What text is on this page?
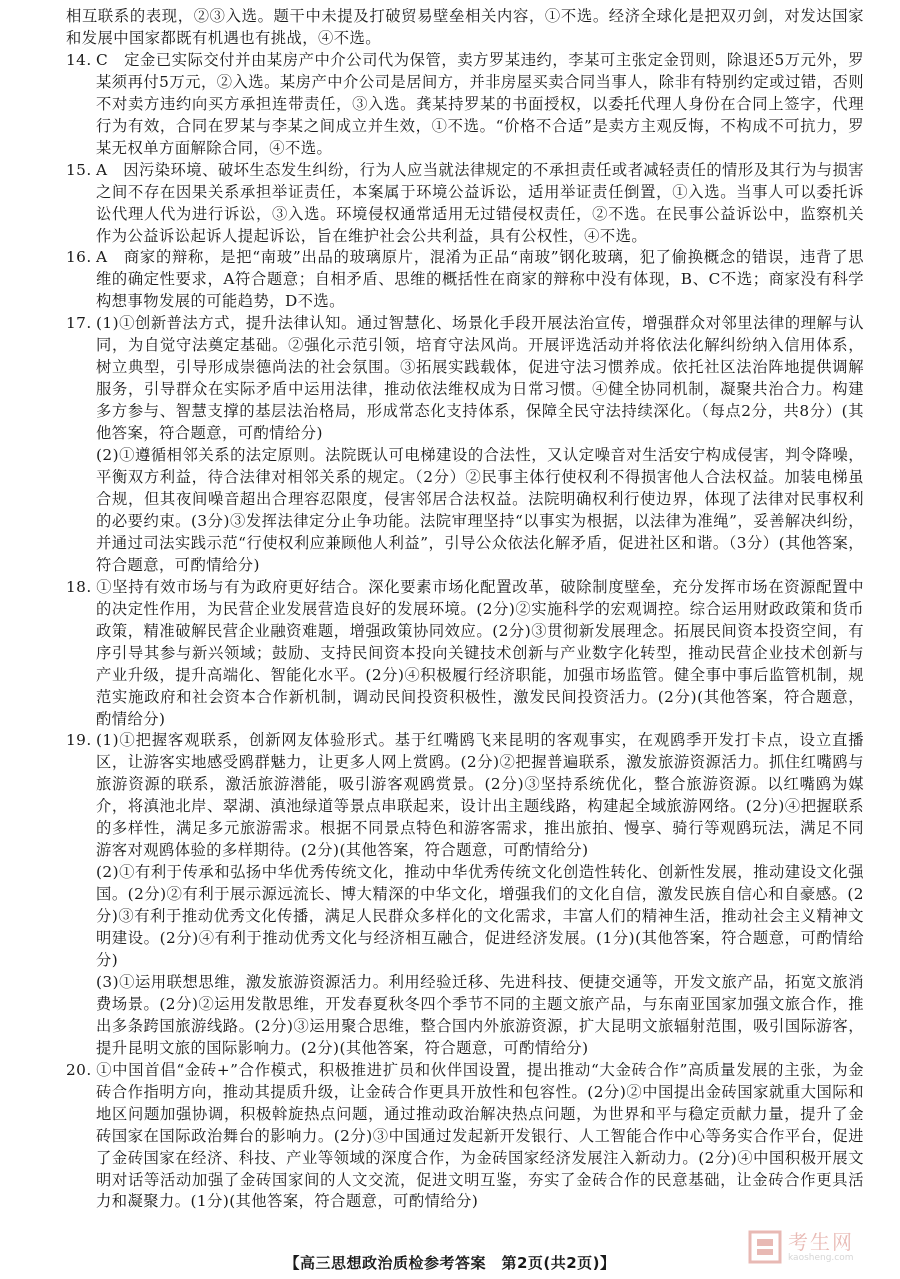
相互联系的表现，②③入选。题干中未提及打破贸易壁垒相关内容，①不选。经济全球化是把双刃剑，对发达国家和发展中国家都既有机遇也有挑战，④不选。

14. C　定金已实际交付并由某房产中介公司代为保管，卖方罗某违约，李某可主张定金罚则，除退还5万元外，罗某须再付5万元，②入选。某房产中介公司是居间方，并非房屋买卖合同当事人，除非有特别约定或过错，否则不对卖方违约向买方承担连带责任，③入选。龚某持罗某的书面授权，以委托代理人身份在合同上签字，代理行为有效，合同在罗某与李某之间成立并生效，①不选。“价格不合适”是卖方主观反悔，不构成不可抗力，罗某无权单方面解除合同，④不选。

15. A　因污染环境、破坏生态发生纠纷，行为人应当就法律规定的不承担责任或者减轻责任的情形及其行为与损害之间不存在因果关系承担举证责任，本案属于环境公益诉讼，适用举证责任倒置，①入选。当事人可以委托诉讼代理人代为进行诉讼，③入选。环境侵权通常适用无过错侵权责任，②不选。在民事公益诉讼中，监察机关作为公益诉讼起诉人提起诉讼，旨在维护社会公共利益，具有公权性，④不选。

16. A　商家的辩称，是把“南玻”出品的玻璃原片，混淆为正品“南玻”钢化玻璃，犯了偷换概念的错误，违背了思维的确定性要求，A符合题意；自相矛盾、思维的概括性在商家的辩称中没有体现，B、C不选；商家没有科学构想事物发展的可能趋势，D不选。

17. (1)①创新普法方式，提升法律认知。通过智慧化、场景化手段开展法治宣传，增强群众对邻里法律的理解与认同，为自觉守法奠定基础。②强化示范引领，培育守法风尚。开展评选活动并将依法化解纠纷纳入信用体系，树立典型，引导形成崇德尚法的社会氛围。③拓展实践载体，促进守法习惯养成。依托社区法治阵地提供调解服务，引导群众在实际矛盾中运用法律，推动依法维权成为日常习惯。④健全协同机制，凝聚共治合力。构建多方参与、智慧支撑的基层法治格局，形成常态化支持体系，保障全民守法持续深化。（每点2分，共8分）(其他答案，符合题意，可酌情给分)

(2)①遵循相邻关系的法定原则。法院既认可电梯建设的合法性，又认定噪音对生活安宁构成侵害，判令降噪，平衡双方利益，待合法律对相邻关系的规定。（2分）②民事主体行使权利不得损害他人合法权益。加装电梯虽合规，但其夜间噪音超出合理容忍限度，侵害邻居合法权益。法院明确权利行使边界，体现了法律对民事权利的必要约束。(3分)③发挥法律定分止争功能。法院审理坚持“以事实为根据，以法律为准绳”，妥善解决纠纷，并通过司法实践示范“行使权利应兼顾他人利益”，引导公众依法化解矛盾，促进社区和谐。（3分）(其他答案，符合题意，可酌情给分)

18. ①坚持有效市场与有为政府更好结合。深化要素市场化配置改革，破除制度壁垒，充分发挥市场在资源配置中的决定性作用，为民营企业发展营造良好的发展环境。(2分)②实施科学的宏观调控。综合运用财政政策和货币政策，精准破解民营企业融资难题，增强政策协同效应。(2分)③贯彻新发展理念。拓展民间资本投资空间，有序引导其参与新兴领域；鼓励、支持民间资本投向关键技术创新与产业数字化转型，推动民营企业技术创新与产业升级，提升高端化、智能化水平。(2分)④积极履行经济职能，加强市场监管。健全事中事后监管机制，规范实施政府和社会资本合作新机制，调动民间投资积极性，激发民间投资活力。(2分)(其他答案，符合题意，酌情给分)

19. (1)①把握客观联系，创新网友体验形式。基于红嘴鸥飞来昆明的客观事实，在观鸥季开发打卡点，设立直播区，让游客实地感受鸥群魅力，让更多人网上赏鸥。(2分)②把握普遍联系，激发旅游资源活力。抓住红嘴鸥与旅游资源的联系，激活旅游潜能，吸引游客观鸥赏景。(2分)③坚持系统优化，整合旅游资源。以红嘴鸥为媒介，将滇池北岸、翠湖、滇池绿道等景点串联起来，设计出主题线路，构建起全域旅游网络。(2分)④把握联系的多样性，满足多元旅游需求。根据不同景点特色和游客需求，推出旅拍、慢享、骑行等观鸥玩法，满足不同游客对观鸥体验的多样期待。(2分)(其他答案，符合题意，可酌情给分)

(2)①有利于传承和弘扬中华优秀传统文化，推动中华优秀传统文化创造性转化、创新性发展，推动建设文化强国。(2分)②有利于展示源远流长、博大精深的中华文化，增强我们的文化自信，激发民族自信心和自豪感。(2分)③有利于推动优秀文化传播，满足人民群众多样化的文化需求，丰富人们的精神生活，推动社会主义精神文明建设。(2分)④有利于推动优秀文化与经济相互融合，促进经济发展。(1分)(其他答案，符合题意，可酌情给分)

(3)①运用联想思维，激发旅游资源活力。利用经验迁移、先进科技、便捷交通等，开发文旅产品，拓宽文旅消费场景。(2分)②运用发散思维，开发春夏秋冬四个季节不同的主题文旅产品，与东南亚国家加强文旅合作，推出多条跨国旅游线路。(2分)③运用聚合思维，整合国内外旅游资源，扩大昆明文旅辐射范围，吸引国际游客，提升昆明文旅的国际影响力。(2分)(其他答案，符合题意，可酌情给分)

20. ①中国首倡“金砖+”合作模式，积极推进扩员和伙伴国设置，提出推动“大金砖合作”高质量发展的主张，为金砖合作指明方向，推动其提质升级，让金砖合作更具开放性和包容性。(2分)②中国提出金砖国家就重大国际和地区问题加强协调，积极斡旋热点问题，通过推动政治解决热点问题，为世界和平与稳定贡献力量，提升了金砖国家在国际政治舞台的影响力。(2分)③中国通过发起新开发银行、人工智能合作中心等务实合作平台，促进了金砖国家在经济、科技、产业等领域的深度合作，为金砖国家经济发展注入新动力。(2分)④中国积极开展文明对话等活动加强了金砖国家间的人文交流，促进文明互鉴，夯实了金砖合作的民意基础，让金砖合作更具活力和凝聚力。(1分)(其他答案，符合题意，可酌情给分)

考生网
kaosheng.com
【高三思想政治质检参考答案　第2页(共2页)】
